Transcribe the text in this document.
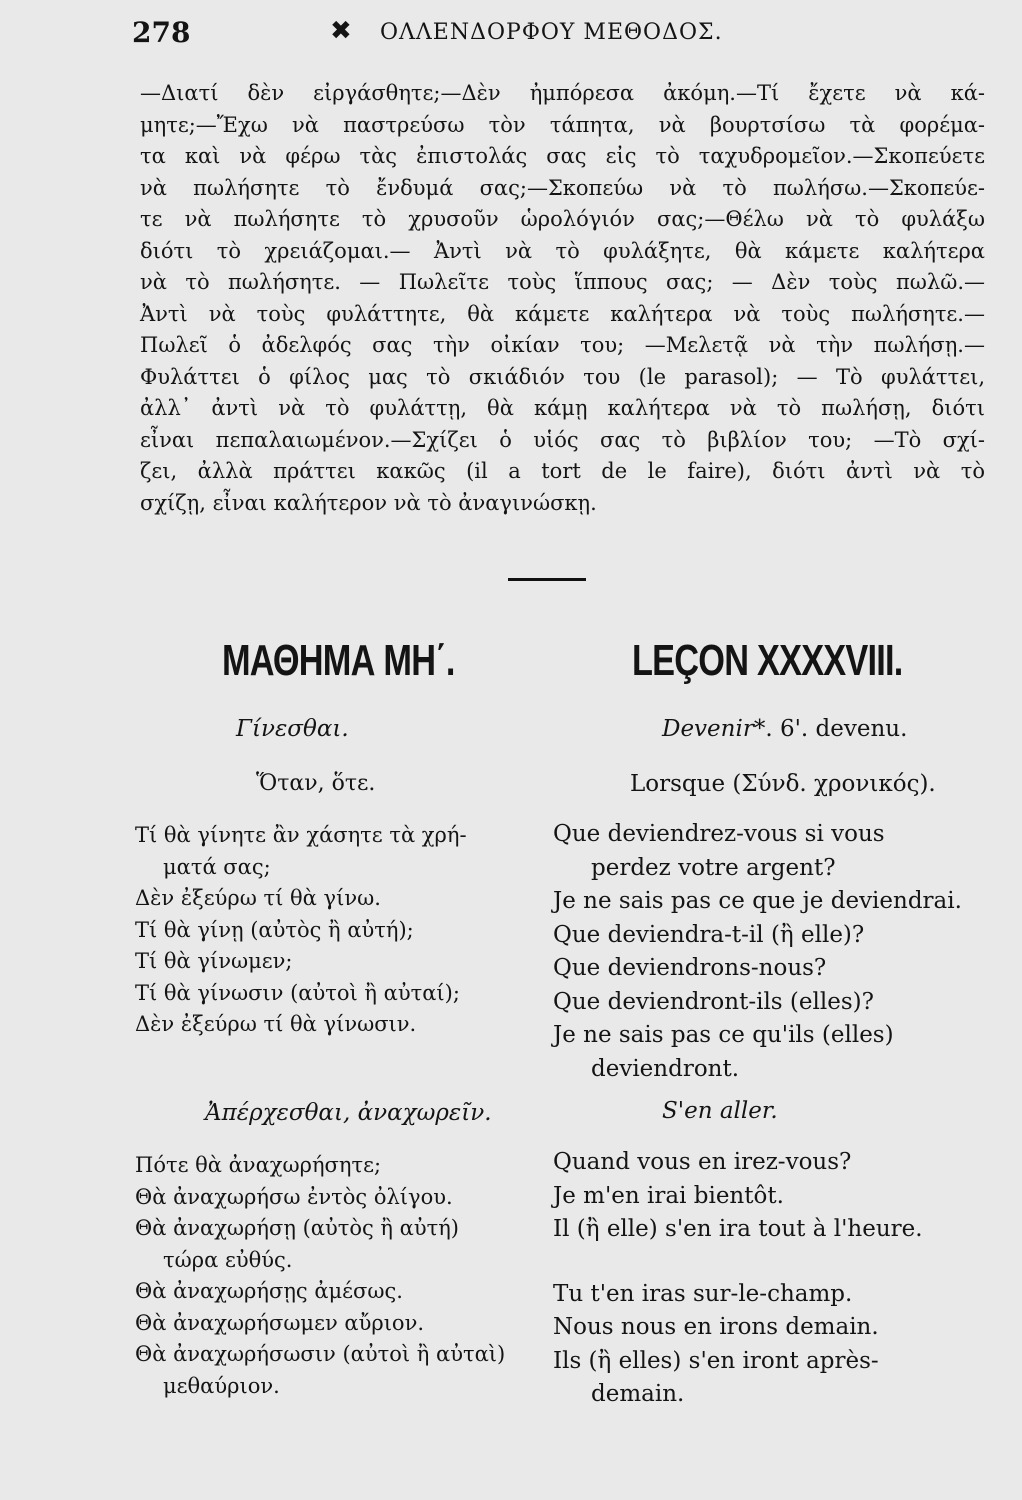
278	✖ ΟΛΛΕΝΔΟΡΦΟΥ ΜΕΘΟΔΟΣ.
—Διατί δὲν εἰργάσθητε;—Δὲν ἠμπόρεσα ἀκόμη.—Τί ἔχετε νὰ κά-
μητε;—Ἔχω νὰ παστρεύσω τὸν τάπητα, νὰ βουρτσίσω τὰ φορέμα-
τα καὶ νὰ φέρω τὰς ἐπιστολάς σας εἰς τὸ ταχυδρομεῖον.—Σκοπεύετε
νὰ πωλήσητε τὸ ἔνδυμά σας;—Σκοπεύω νὰ τὸ πωλήσω.—Σκοπεύε-
τε νὰ πωλήσητε τὸ χρυσοῦν ὡρολόγιόν σας;—Θέλω νὰ τὸ φυλάξω
διότι τὸ χρειάζομαι.— Ἀντὶ νὰ τὸ φυλάξητε, θὰ κάμετε καλήτερα
νὰ τὸ πωλήσητε. — Πωλεῖτε τοὺς ἵππους σας; — Δὲν τοὺς πωλῶ.—
Ἀντὶ νὰ τοὺς φυλάττητε, θὰ κάμετε καλήτερα νὰ τοὺς πωλήσητε.—
Πωλεῖ ὁ ἀδελφός σας τὴν οἰκίαν του; —Μελετᾷ νὰ τὴν πωλήσῃ.—
Φυλάττει ὁ φίλος μας τὸ σκιάδιόν του (le parasol); — Τὸ φυλάττει,
ἀλλ᾽ ἀντὶ νὰ τὸ φυλάττῃ, θὰ κάμῃ καλήτερα νὰ τὸ πωλήσῃ, διότι
εἶναι πεπαλαιωμένον.—Σχίζει ὁ υἱός σας τὸ βιβλίον του; —Τὸ σχί-
ζει, ἀλλὰ πράττει κακῶς (il a tort de le faire), διότι ἀντὶ νὰ τὸ
σχίζῃ, εἶναι καλήτερον νὰ τὸ ἀναγινώσκῃ.
ΜΑΘΗΜΑ ΜΗ΄.	LEÇON XXXXVIII.
Γίνεσθαι.	Devenir*. 6'. devenu.
Ὅταν, ὅτε.	Lorsque (Σύνδ. χρονικός).
Τί θὰ γίνητε ἂν χάσητε τὰ χρή-
ματά σας;
Δὲν ἐξεύρω τί θὰ γίνω.
Τί θὰ γίνῃ (αὐτὸς ἢ αὐτή);
Τί θὰ γίνωμεν;
Τί θὰ γίνωσιν (αὐτοὶ ἢ αὐταί);
Δὲν ἐξεύρω τί θὰ γίνωσιν.
Que deviendrez-vous si vous
perdez votre argent?
Je ne sais pas ce que je deviendrai.
Que deviendra-t-il (ἢ elle)?
Que deviendrons-nous?
Que deviendront-ils (elles)?
Je ne sais pas ce qu'ils (elles)
deviendront.
Ἀπέρχεσθαι, ἀναχωρεῖν.	S'en aller.
Πότε θὰ ἀναχωρήσητε;
Θὰ ἀναχωρήσω ἐντὸς ὀλίγου.
Θὰ ἀναχωρήσῃ (αὐτὸς ἢ αὐτή)
τώρα εὐθύς.
Θὰ ἀναχωρήσῃς ἀμέσως.
Θὰ ἀναχωρήσωμεν αὔριον.
Θὰ ἀναχωρήσωσιν (αὐτοὶ ἢ αὐταὶ)
μεθαύριον.
Quand vous en irez-vous?
Je m'en irai bientôt.
Il (ἢ elle) s'en ira tout à l'heure.
Tu t'en iras sur-le-champ.
Nous nous en irons demain.
Ils (ἢ elles) s'en iront après-
demain.
